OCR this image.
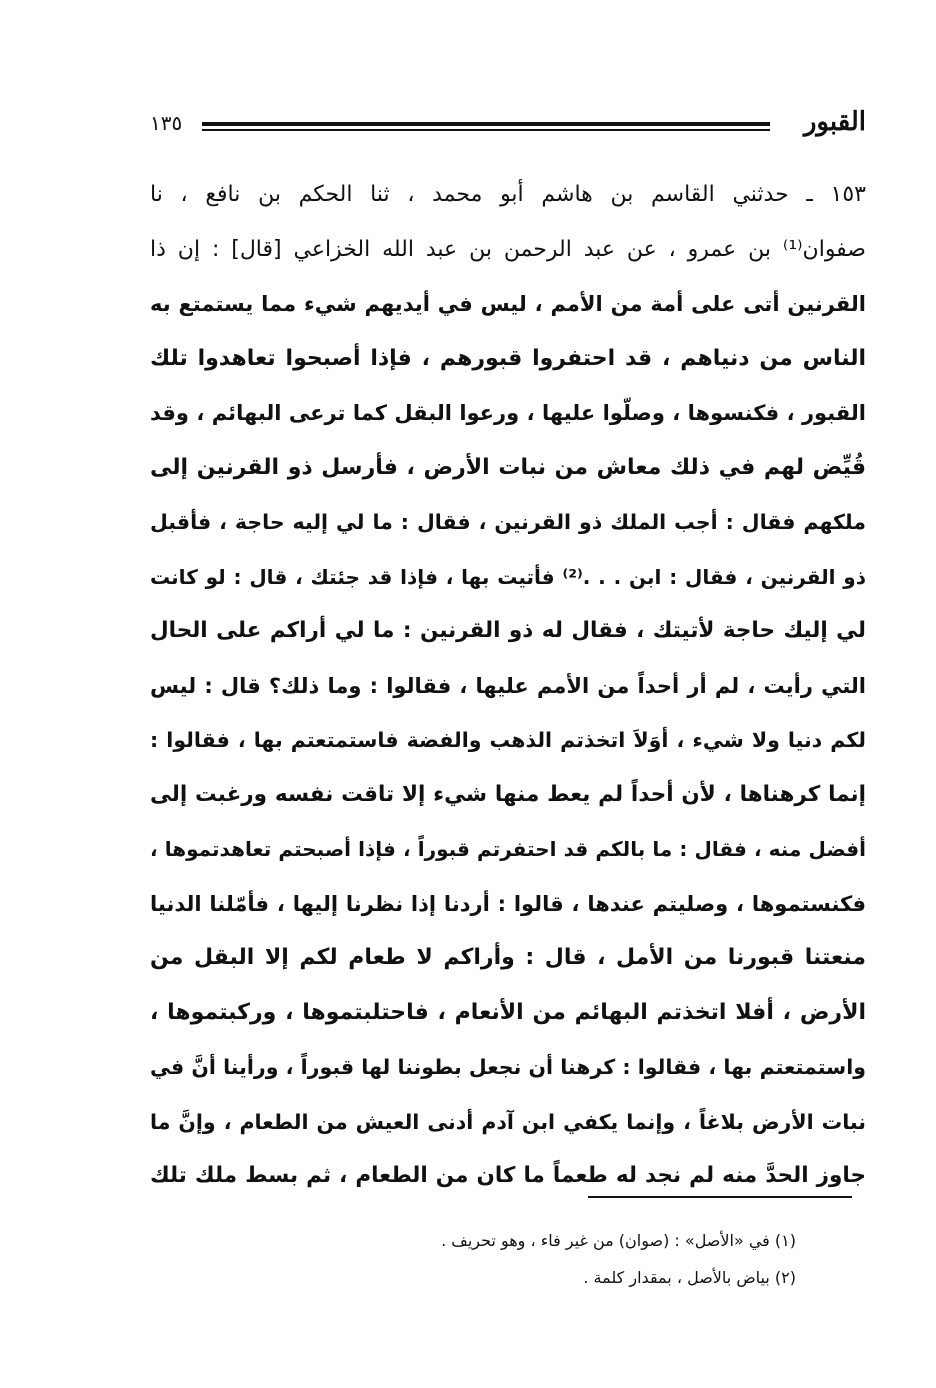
القبور
١٣٥
١٥٣ ـ حدثني القاسم بن هاشم أبو محمد ، ثنا الحكم بن نافع ، نا
صفوان⁽¹⁾ بن عمرو ، عن عبد الرحمن بن عبد الله الخزاعي [قال] : إن ذا
القرنين أتى على أمة من الأمم ، ليس في أيديهم شيء مما يستمتع به
الناس من دنياهم ، قد احتفروا قبورهم ، فإذا أصبحوا تعاهدوا تلك
القبور ، فكنسوها ، وصلّوا عليها ، ورعوا البقل كما ترعى البهائم ، وقد
قُيِّض لهم في ذلك معاش من نبات الأرض ، فأرسل ذو القرنين إلى
ملكهم فقال : أجب الملك ذو القرنين ، فقال : ما لي إليه حاجة ، فأقبل
ذو القرنين ، فقال : ابن . . .⁽²⁾ فأتيت بها ، فإذا قد جئتك ، قال : لو كانت
لي إليك حاجة لأتيتك ، فقال له ذو القرنين : ما لي أراكم على الحال
التي رأيت ، لم أر أحداً من الأمم عليها ، فقالوا : وما ذلك؟ قال : ليس
لكم دنيا ولا شيء ، أوَلاَ اتخذتم الذهب والفضة فاستمتعتم بها ، فقالوا :
إنما كرهناها ، لأن أحداً لم يعط منها شيء إلا تاقت نفسه ورغبت إلى
أفضل منه ، فقال : ما بالكم قد احتفرتم قبوراً ، فإذا أصبحتم تعاهدتموها ،
فكنستموها ، وصليتم عندها ، قالوا : أردنا إذا نظرنا إليها ، فأمّلنا الدنيا
منعتنا قبورنا من الأمل ، قال : وأراكم لا طعام لكم إلا البقل من
الأرض ، أفلا اتخذتم البهائم من الأنعام ، فاحتلبتموها ، وركبتموها ،
واستمتعتم بها ، فقالوا : كرهنا أن نجعل بطوننا لها قبوراً ، ورأينا أنَّ في
نبات الأرض بلاغاً ، وإنما يكفي ابن آدم أدنى العيش من الطعام ، وإنَّ ما
جاوز الحدَّ منه لم نجد له طعماً ما كان من الطعام ، ثم بسط ملك تلك
(١) في «الأصل» : (صوان) من غير فاء ، وهو تحريف .
(٢) بياض بالأصل ، بمقدار كلمة .
